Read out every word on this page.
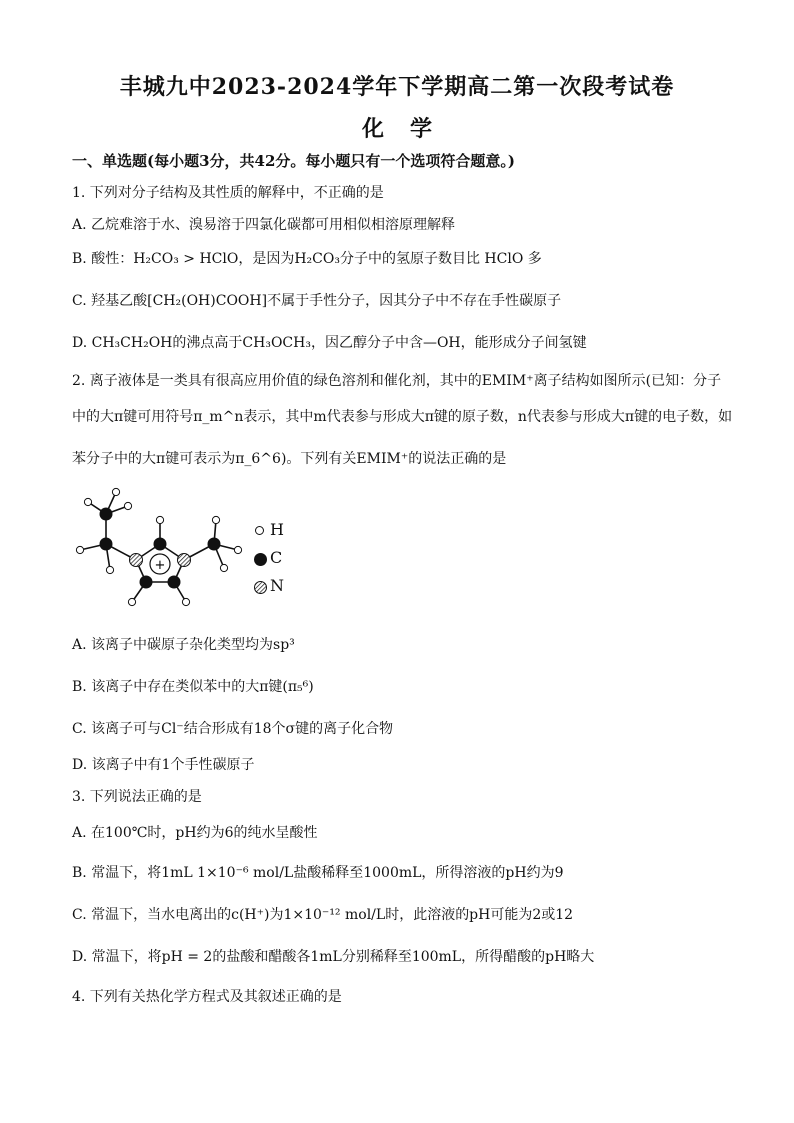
丰城九中2023-2024学年下学期高二第一次段考试卷
化学
一、单选题(每小题3分，共42分。每小题只有一个选项符合题意。)
1. 下列对分子结构及其性质的解释中，不正确的是
A. 乙烷难溶于水、溴易溶于四氯化碳都可用相似相溶原理解释
B. 酸性：H₂CO₃ > HClO，是因为H₂CO₃分子中的氢原子数目比 HClO 多
C. 羟基乙酸[CH₂(OH)COOH]不属于手性分子，因其分子中不存在手性碳原子
D. CH₃CH₂OH的沸点高于CH₃OCH₃，因乙醇分子中含—OH，能形成分子间氢键
2. 离子液体是一类具有很高应用价值的绿色溶剂和催化剂，其中的EMIM⁺离子结构如图所示(已知：分子
中的大π键可用符号π_m^n表示，其中m代表参与形成大π键的原子数，n代表参与形成大π键的电子数，如
苯分子中的大π键可表示为π_6^6)。下列有关EMIM⁺的说法正确的是
+
H
C
N
A. 该离子中碳原子杂化类型均为sp³
B. 该离子中存在类似苯中的大π键(π₅⁶)
C. 该离子可与Cl⁻结合形成有18个σ键的离子化合物
D. 该离子中有1个手性碳原子
3. 下列说法正确的是
A. 在100℃时，pH约为6的纯水呈酸性
B. 常温下，将1mL 1×10⁻⁶ mol/L盐酸稀释至1000mL，所得溶液的pH约为9
C. 常温下，当水电离出的c(H⁺)为1×10⁻¹² mol/L时，此溶液的pH可能为2或12
D. 常温下，将pH = 2的盐酸和醋酸各1mL分别稀释至100mL，所得醋酸的pH略大
4. 下列有关热化学方程式及其叙述正确的是
